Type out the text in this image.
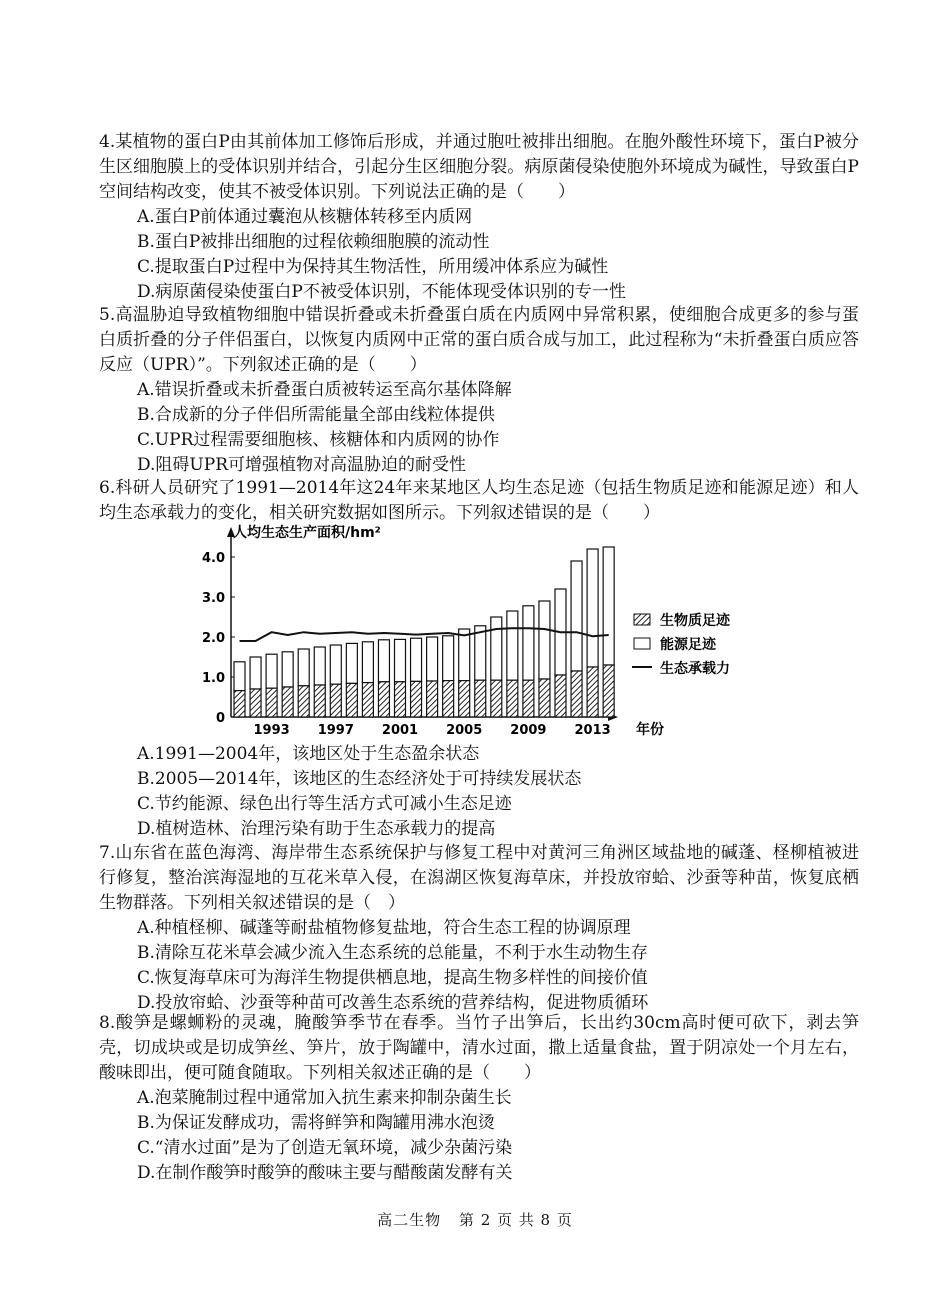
4.某植物的蛋白P由其前体加工修饰后形成，并通过胞吐被排出细胞。在胞外酸性环境下，蛋白P被分生区细胞膜上的受体识别并结合，引起分生区细胞分裂。病原菌侵染使胞外环境成为碱性，导致蛋白P空间结构改变，使其不被受体识别。下列说法正确的是（　　）

A.蛋白P前体通过囊泡从核糖体转移至内质网

B.蛋白P被排出细胞的过程依赖细胞膜的流动性

C.提取蛋白P过程中为保持其生物活性，所用缓冲体系应为碱性

D.病原菌侵染使蛋白P不被受体识别，不能体现受体识别的专一性

5.高温胁迫导致植物细胞中错误折叠或未折叠蛋白质在内质网中异常积累，使细胞合成更多的参与蛋白质折叠的分子伴侣蛋白，以恢复内质网中正常的蛋白质合成与加工，此过程称为“未折叠蛋白质应答反应（UPR）”。下列叙述正确的是（　　）

A.错误折叠或未折叠蛋白质被转运至高尔基体降解

B.合成新的分子伴侣所需能量全部由线粒体提供

C.UPR过程需要细胞核、核糖体和内质网的协作

D.阻碍UPR可增强植物对高温胁迫的耐受性

6.科研人员研究了1991—2014年这24年来某地区人均生态足迹（包括生物质足迹和能源足迹）和人均生态承载力的变化，相关研究数据如图所示。下列叙述错误的是（　　）

人均生态生产面积/hm²
年份
0
1.0
2.0
3.0
4.0
1993 1997 2001 2005 2009 2013
生物质足迹
能源足迹
生态承载力

A.1991—2004年，该地区处于生态盈余状态

B.2005—2014年，该地区的生态经济处于可持续发展状态

C.节约能源、绿色出行等生活方式可减小生态足迹

D.植树造林、治理污染有助于生态承载力的提高

7.山东省在蓝色海湾、海岸带生态系统保护与修复工程中对黄河三角洲区域盐地的碱蓬、柽柳植被进行修复，整治滨海湿地的互花米草入侵，在潟湖区恢复海草床，并投放帘蛤、沙蚕等种苗，恢复底栖生物群落。下列相关叙述错误的是（　）

A.种植柽柳、碱蓬等耐盐植物修复盐地，符合生态工程的协调原理

B.清除互花米草会减少流入生态系统的总能量，不利于水生动物生存

C.恢复海草床可为海洋生物提供栖息地，提高生物多样性的间接价值

D.投放帘蛤、沙蚕等种苗可改善生态系统的营养结构，促进物质循环

8.酸笋是螺蛳粉的灵魂，腌酸笋季节在春季。当竹子出笋后，长出约30cm高时便可砍下，剥去笋壳，切成块或是切成笋丝、笋片，放于陶罐中，清水过面，撒上适量食盐，置于阴凉处一个月左右，酸味即出，便可随食随取。下列相关叙述正确的是（　　）

A.泡菜腌制过程中通常加入抗生素来抑制杂菌生长

B.为保证发酵成功，需将鲜笋和陶罐用沸水泡烫

C.“清水过面”是为了创造无氧环境，减少杂菌污染

D.在制作酸笋时酸笋的酸味主要与醋酸菌发酵有关

高二生物 第 2 页 共 8 页
